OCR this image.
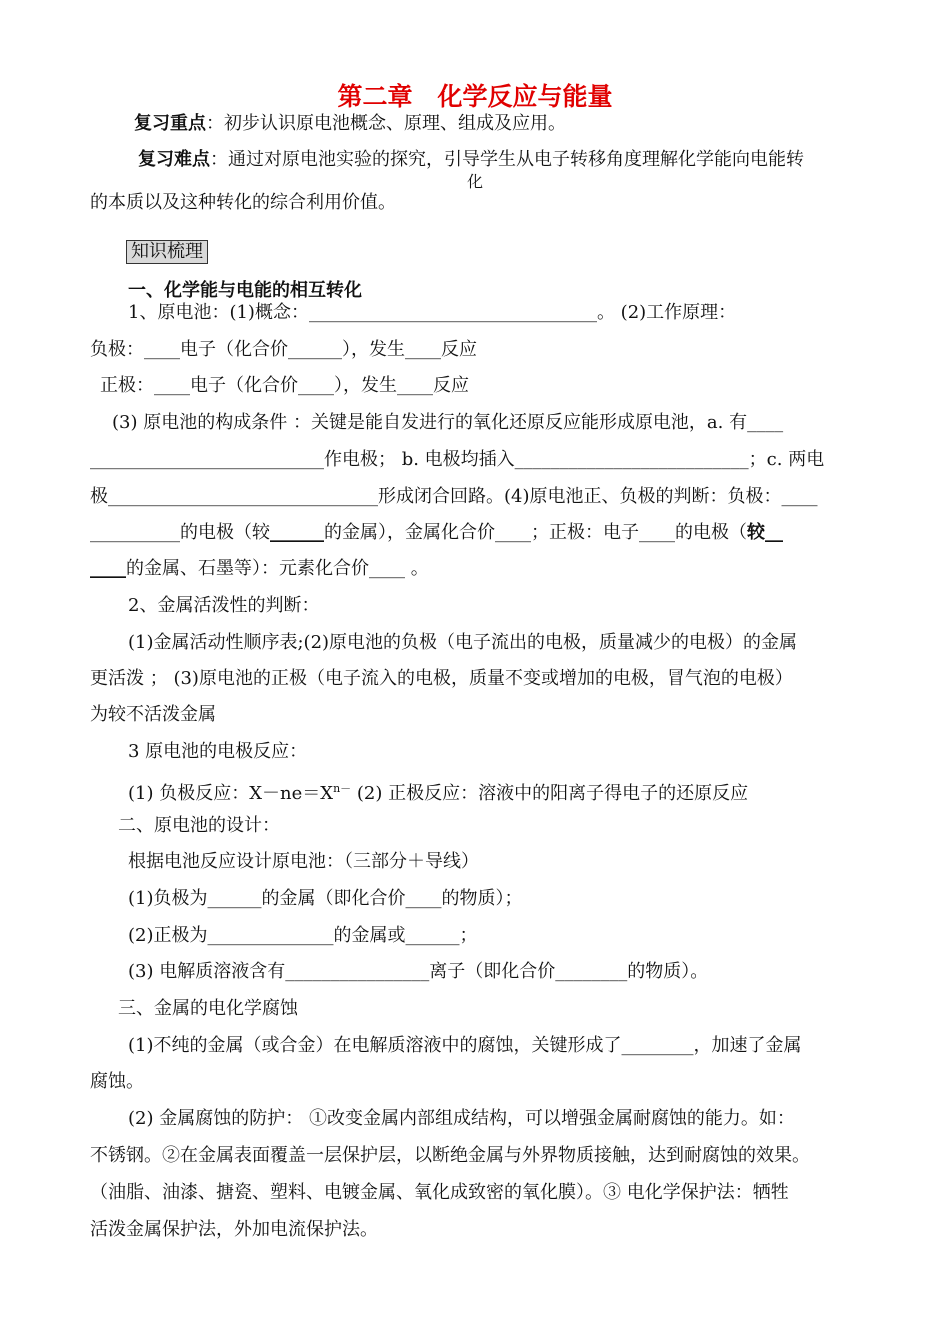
第二章　化学反应与能量
复习重点：初步认识原电池概念、原理、组成及应用。
复习难点：通过对原电池实验的探究，引导学生从电子转移角度理解化学能向电能转
化
的本质以及这种转化的综合利用价值。
知识梳理
一、化学能与电能的相互转化
1、原电池：(1)概念：________________________________。 (2)工作原理：
负极：____电子（化合价______），发生____反应
正极：____电子（化合价____），发生____反应
(3) 原电池的构成条件 ：关键是能自发进行的氧化还原反应能形成原电池，a. 有____
__________________________作电极； b. 电极均插入__________________________；c. 两电
极______________________________形成闭合回路。(4)原电池正、负极的判断：负极：____
__________的电极（较______的金属），金属化合价____；正极：电子____的电极（较__
____的金属、石墨等）：元素化合价____ 。
2、金属活泼性的判断：
(1)金属活动性顺序表;(2)原电池的负极（电子流出的电极，质量减少的电极）的金属
更活泼 ； (3)原电池的正极（电子流入的电极，质量不变或增加的电极，冒气泡的电极）
为较不活泼金属
3 原电池的电极反应：
(1) 负极反应：$X-ne=X^{n-}$ (2) 正极反应：溶液中的阳离子得电子的还原反应
二、原电池的设计：
根据电池反应设计原电池：（三部分＋导线）
(1)负极为______的金属（即化合价____的物质）；
(2)正极为______________的金属或______；
(3) 电解质溶液含有________________离子（即化合价________的物质）。
三、金属的电化学腐蚀
(1)不纯的金属（或合金）在电解质溶液中的腐蚀，关键形成了________，加速了金属
腐蚀。
(2) 金属腐蚀的防护： ①改变金属内部组成结构，可以增强金属耐腐蚀的能力。如：
不锈钢。②在金属表面覆盖一层保护层，以断绝金属与外界物质接触，达到耐腐蚀的效果。
（油脂、油漆、搪瓷、塑料、电镀金属、氧化成致密的氧化膜）。③ 电化学保护法：牺牲
活泼金属保护法，外加电流保护法。
